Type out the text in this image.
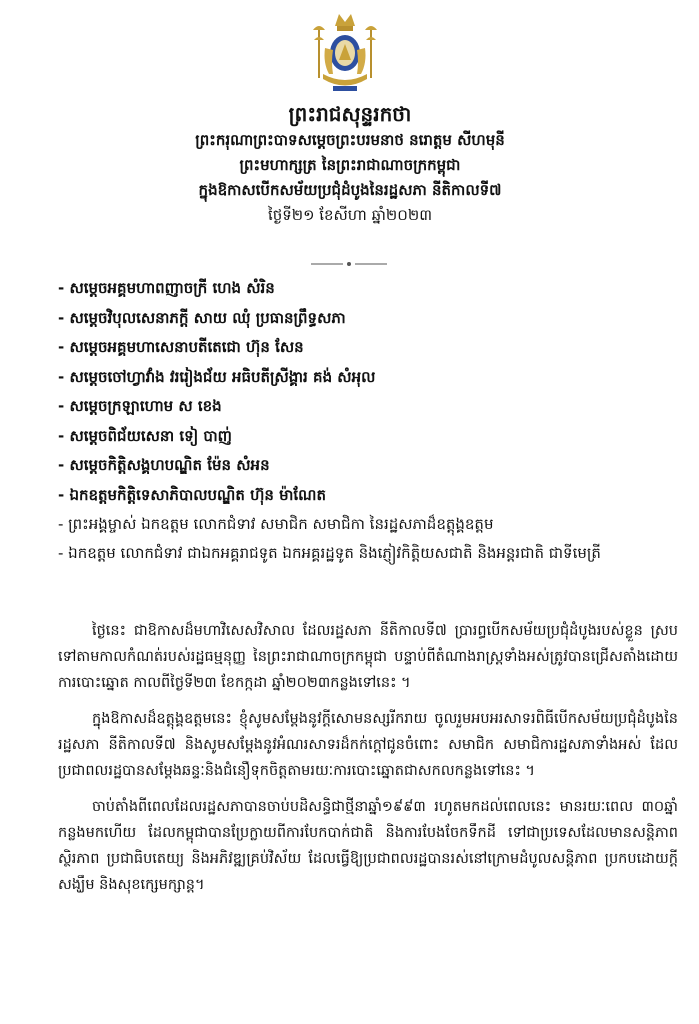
ព្រះរាជសុន្ទរកថា

ព្រះករុណាព្រះបាទសម្តេចព្រះបរមនាថ នរោត្តម សីហមុនី

ព្រះមហាក្សត្រ នៃព្រះរាជាណាចក្រកម្ពុជា

ក្នុងឱកាសបើកសម័យប្រជុំដំបូងនៃរដ្ឋសភា នីតិកាលទី៧

ថ្ងៃទី២១ ខែសីហា ឆ្នាំ២០២៣

- សម្តេចអគ្គមហាពញាចក្រី ហេង សំរិន
- សម្តេចវិបុលសេនាភក្តី សាយ ឈុំ ប្រធានព្រឹទ្ធសភា
- សម្តេចអគ្គមហាសេនាបតីតេជោ ហ៊ុន សែន
- សម្តេចចៅហ្វាវាំង វររៀងជ័យ អធិបតីស្រីង្គារ គង់ សំអុល
- សម្តេចក្រឡាហោម ស ខេង
- សម្តេចពិជ័យសេនា ទៀ បាញ់
- សម្តេចកិត្តិសង្គហបណ្ឌិត ម៉ែន សំអន
- ឯកឧត្តមកិត្តិទេសាភិបាលបណ្ឌិត ហ៊ុន ម៉ាណែត
- ព្រះអង្គម្ចាស់ ឯកឧត្តម លោកជំទាវ សមាជិក សមាជិកា នៃរដ្ឋសភាដ៏ឧត្តុង្គឧត្តម
- ឯកឧត្តម លោកជំទាវ ជាឯកអគ្គរាជទូត ឯកអគ្គរដ្ឋទូត និងភ្ញៀវកិត្តិយសជាតិ និងអន្តរជាតិ ជាទីមេត្រី

ថ្ងៃនេះ ជាឱកាសដ៏មហាវិសេសវិសាល ដែលរដ្ឋសភា នីតិកាលទី៧ ប្រារព្ធបើកសម័យប្រជុំដំបូងរបស់ខ្លួន ស្របទៅតាមកាលកំណត់របស់រដ្ឋធម្មនុញ្ញ នៃព្រះរាជាណាចក្រកម្ពុជា បន្ទាប់ពីតំណាងរាស្ត្រទាំងអស់ត្រូវបានជ្រើសតាំងដោយការបោះឆ្នោត កាលពីថ្ងៃទី២៣ ខែកក្កដា ឆ្នាំ២០២៣កន្លងទៅនេះ ។

ក្នុងឱកាសដ៏ឧត្តុង្គឧត្តមនេះ ខ្ញុំសូមសម្តែងនូវក្តីសោមនស្សរីករាយ ចូលរួមអបអរសាទរពិធីបើកសម័យប្រជុំដំបូងនៃរដ្ឋសភា នីតិកាលទី៧ និងសូមសម្តែងនូវអំណរសាទរដ៏កក់ក្តៅជូនចំពោះ សមាជិក សមាជិការដ្ឋសភាទាំងអស់ ដែលប្រជាពលរដ្ឋបានសម្តែងឆន្ទៈនិងជំនឿទុកចិត្តតាមរយៈការបោះឆ្នោតជាសកលកន្លងទៅនេះ ។

ចាប់តាំងពីពេលដែលរដ្ឋសភាបានចាប់បដិសន្ធិជាថ្មីនាឆ្នាំ១៩៩៣ រហូតមកដល់ពេលនេះ មានរយៈពេល ៣០ឆ្នាំកន្លងមកហើយ ដែលកម្ពុជាបានប្រែក្លាយពីការបែកបាក់ជាតិ និងការបែងចែកទឹកដី ទៅជាប្រទេសដែលមានសន្តិភាព ស្ថិរភាព ប្រជាធិបតេយ្យ និងអភិវឌ្ឍគ្រប់វិស័យ ដែលធ្វើឱ្យប្រជាពលរដ្ឋបានរស់នៅក្រោមដំបូលសន្តិភាព ប្រកបដោយក្តីសង្ឃឹម និងសុខក្សេមក្សាន្ត។
